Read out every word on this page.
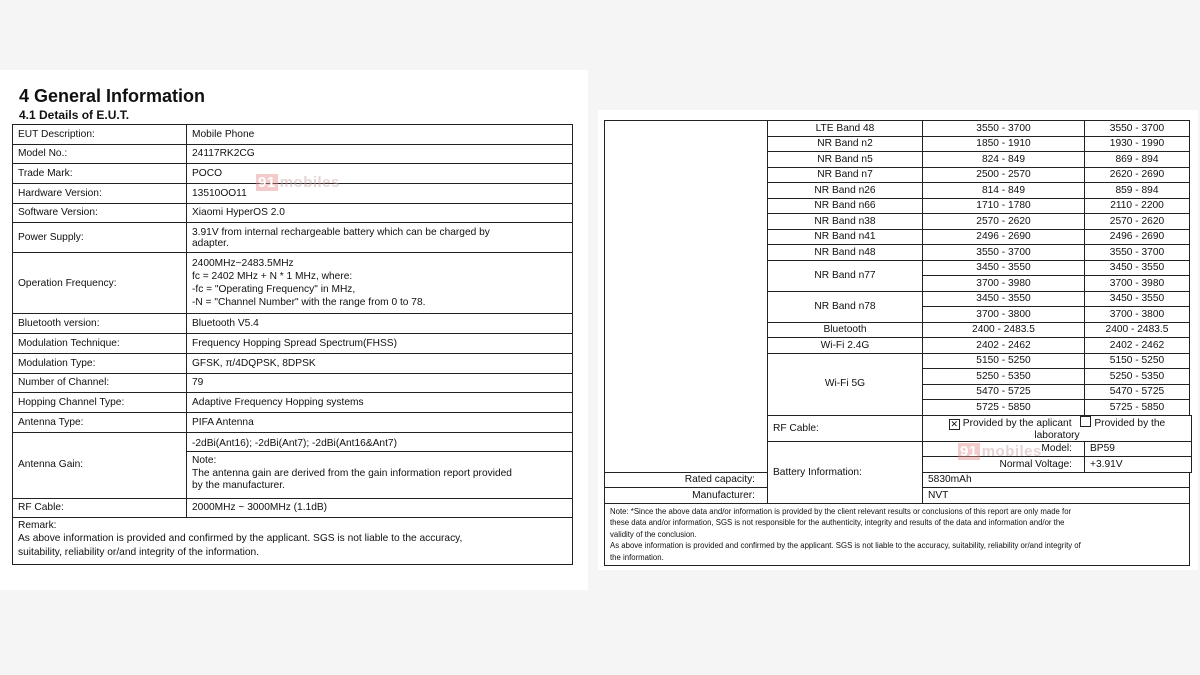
4 General Information
4.1 Details of E.U.T.
EUT Description:	Mobile Phone
Model No.:	24117RK2CG
Trade Mark:	POCO
Hardware Version:	13510OO11
Software Version:	Xiaomi HyperOS 2.0
Power Supply:	3.91V from internal rechargeable battery which can be charged by
adapter.

Operation Frequency:	2400MHz~2483.5MHz
fc = 2402 MHz + N * 1 MHz, where:
-fc = "Operating Frequency" in MHz,
-N = "Channel Number" with the range from 0 to 78.

Bluetooth version:	Bluetooth V5.4
Modulation Technique:	Frequency Hopping Spread Spectrum(FHSS)
Modulation Type:	GFSK, π/4DQPSK, 8DPSK
Number of Channel:	79
Hopping Channel Type:	Adaptive Frequency Hopping systems
Antenna Type:	PIFA Antenna
Antenna Gain:	-2dBi(Ant16); -2dBi(Ant7); -2dBi(Ant16&Ant7)
Note:
The antenna gain are derived from the gain information report provided
by the manufacturer.

RF Cable:	2000MHz ~ 3000MHz (1.1dB)

Remark:
As above information is provided and confirmed by the applicant. SGS is not liable to the accuracy,
suitability, reliability or/and integrity of the information.	
	LTE Band 48	3550 - 3700	3550 - 3700
	NR Band n2	1850 - 1910	1930 - 1990
	NR Band n5	824 - 849	869 - 894
	NR Band n7	2500 - 2570	2620 - 2690
	NR Band n26	814 - 849	859 - 894
	NR Band n66	1710 - 1780	2110 - 2200
	NR Band n38	2570 - 2620	2570 - 2620
	NR Band n41	2496 - 2690	2496 - 2690
	NR Band n48	3550 - 3700	3550 - 3700
	NR Band n77	3450 - 3550	3450 - 3550
		3700 - 3980	3700 - 3980
	NR Band n78	3450 - 3550	3450 - 3550
		3700 - 3800	3700 - 3800
	Bluetooth	2400 - 2483.5	2400 - 2483.5
	Wi-Fi 2.4G	2402 - 2462	2402 - 2462
	Wi-Fi 5G	5150 - 5250	5150 - 5250
		5250 - 5350	5250 - 5350
		5470 - 5725	5470 - 5725
		5725 - 5850	5725 - 5850
	RF Cable:	✕ Provided by the aplicant Provided by the laboratory	
	Battery Information:	Model:	BP59
		Normal Voltage:	+3.91V
Rated capacity:		5830mAh	
Manufacturer:		NVT	

Note: *Since the above data and/or information is provided by the client relevant results or conclusions of this report are only made for
these data and/or information, SGS is not responsible for the authenticity, integrity and results of the data and information and/or the
validity of the conclusion.
As above information is provided and confirmed by the applicant. SGS is not liable to the accuracy, suitability, reliability or/and integrity of
the information.			
91 mobiles
91 mobiles
